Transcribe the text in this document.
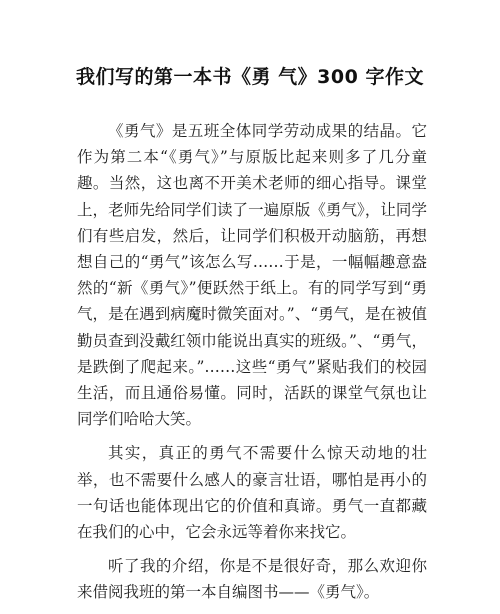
我们写的第一本书《勇 气》300 字作文

《勇气》是五班全体同学劳动成果的结晶。它作为第二本“《勇气》”与原版比起来则多了几分童趣。当然，这也离不开美术老师的细心指导。课堂上，老师先给同学们读了一遍原版《勇气》，让同学们有些启发，然后，让同学们积极开动脑筋，再想想自己的“勇气”该怎么写……于是，一幅幅趣意盎然的“新《勇气》”便跃然于纸上。有的同学写到“勇气，是在遇到病魔时微笑面对。”、“勇气，是在被值勤员查到没戴红领巾能说出真实的班级。”、“勇气，是跌倒了爬起来。”……这些“勇气”紧贴我们的校园生活，而且通俗易懂。同时，活跃的课堂气氛也让同学们哈哈大笑。

其实，真正的勇气不需要什么惊天动地的壮举，也不需要什么感人的豪言壮语，哪怕是再小的一句话也能体现出它的价值和真谛。勇气一直都藏在我们的心中，它会永远等着你来找它。

听了我的介绍，你是不是很好奇，那么欢迎你来借阅我班的第一本自编图书——《勇气》。
